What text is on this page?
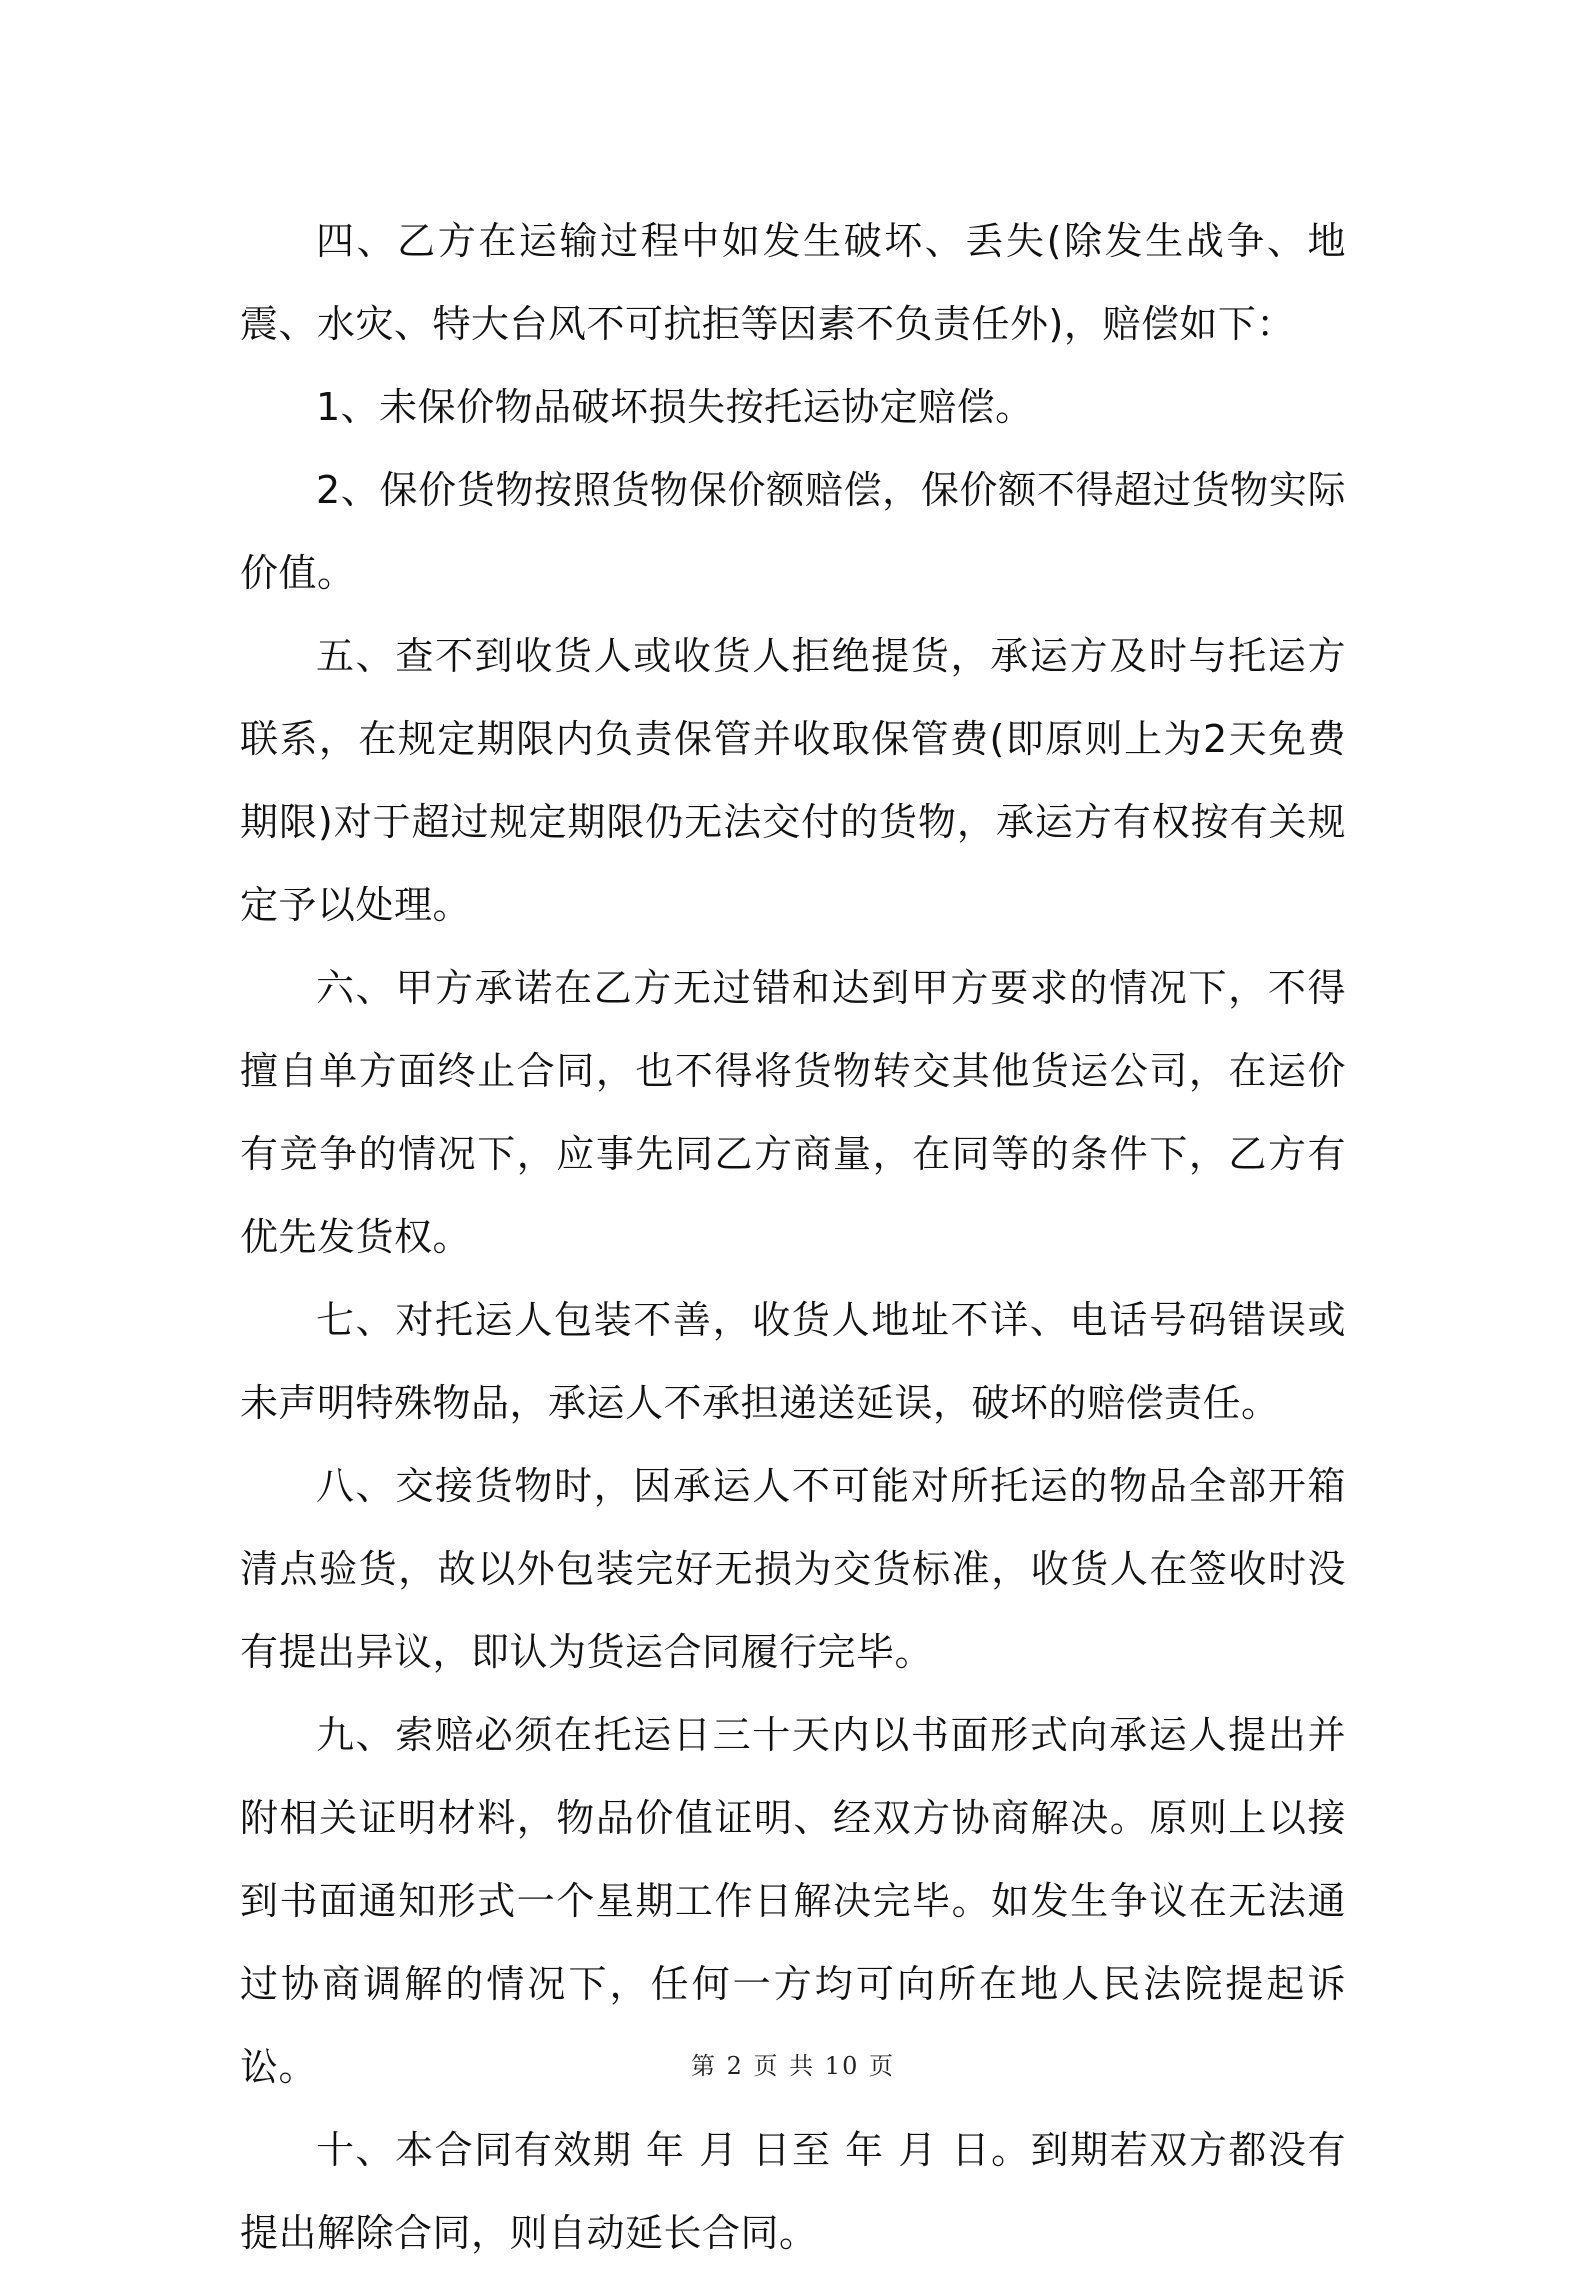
四、乙方在运输过程中如发生破坏、丢失(除发生战争、地震、水灾、特大台风不可抗拒等因素不负责任外)，赔偿如下：

1、未保价物品破坏损失按托运协定赔偿。

2、保价货物按照货物保价额赔偿，保价额不得超过货物实际价值。

五、查不到收货人或收货人拒绝提货，承运方及时与托运方联系，在规定期限内负责保管并收取保管费(即原则上为2天免费期限)对于超过规定期限仍无法交付的货物，承运方有权按有关规定予以处理。

六、甲方承诺在乙方无过错和达到甲方要求的情况下，不得擅自单方面终止合同，也不得将货物转交其他货运公司，在运价有竞争的情况下，应事先同乙方商量，在同等的条件下，乙方有优先发货权。

七、对托运人包装不善，收货人地址不详、电话号码错误或未声明特殊物品，承运人不承担递送延误，破坏的赔偿责任。

八、交接货物时，因承运人不可能对所托运的物品全部开箱清点验货，故以外包装完好无损为交货标准，收货人在签收时没有提出异议，即认为货运合同履行完毕。

九、索赔必须在托运日三十天内以书面形式向承运人提出并附相关证明材料，物品价值证明、经双方协商解决。原则上以接到书面通知形式一个星期工作日解决完毕。如发生争议在无法通过协商调解的情况下，任何一方均可向所在地人民法院提起诉讼。

十、本合同有效期 年 月 日至 年 月 日。到期若双方都没有提出解除合同，则自动延长合同。

第 2 页 共 10 页
